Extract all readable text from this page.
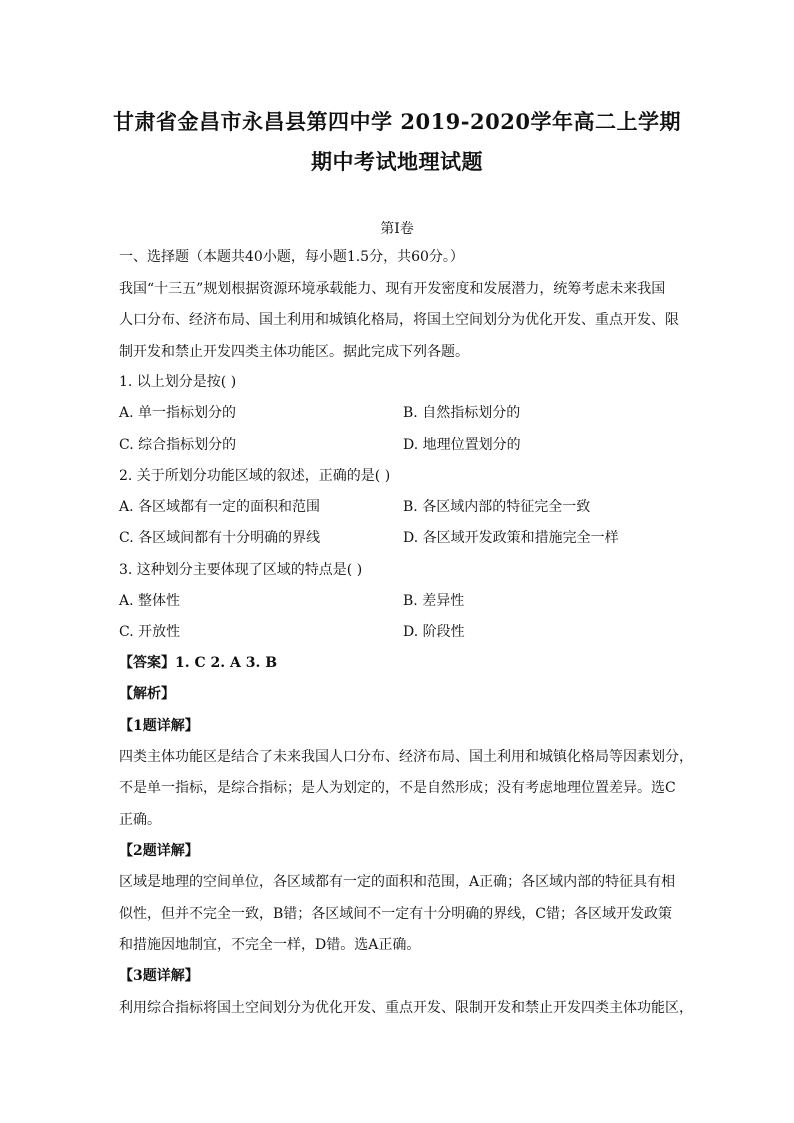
甘肃省金昌市永昌县第四中学 2019-2020学年高二上学期
期中考试地理试题
第I卷
一、选择题（本题共40小题，每小题1.5分，共60分。）
我国“十三五”规划根据资源环境承载能力、现有开发密度和发展潜力，统筹考虑未来我国
人口分布、经济布局、国土利用和城镇化格局，将国土空间划分为优化开发、重点开发、限
制开发和禁止开发四类主体功能区。据此完成下列各题。
1. 以上划分是按( )
A. 单一指标划分的	B. 自然指标划分的
C. 综合指标划分的	D. 地理位置划分的
2. 关于所划分功能区域的叙述，正确的是( )
A. 各区域都有一定的面积和范围	B. 各区域内部的特征完全一致
C. 各区域间都有十分明确的界线	D. 各区域开发政策和措施完全一样
3. 这种划分主要体现了区域的特点是( )
A. 整体性	B. 差异性
C. 开放性	D. 阶段性
【答案】1. C 2. A 3. B
【解析】
【1题详解】
四类主体功能区是结合了未来我国人口分布、经济布局、国土利用和城镇化格局等因素划分，
不是单一指标，是综合指标；是人为划定的，不是自然形成；没有考虑地理位置差异。选C
正确。
【2题详解】
区域是地理的空间单位，各区域都有一定的面积和范围，A正确；各区域内部的特征具有相
似性，但并不完全一致，B错；各区域间不一定有十分明确的界线，C错；各区域开发政策
和措施因地制宜，不完全一样，D错。选A正确。
【3题详解】
利用综合指标将国土空间划分为优化开发、重点开发、限制开发和禁止开发四类主体功能区，
